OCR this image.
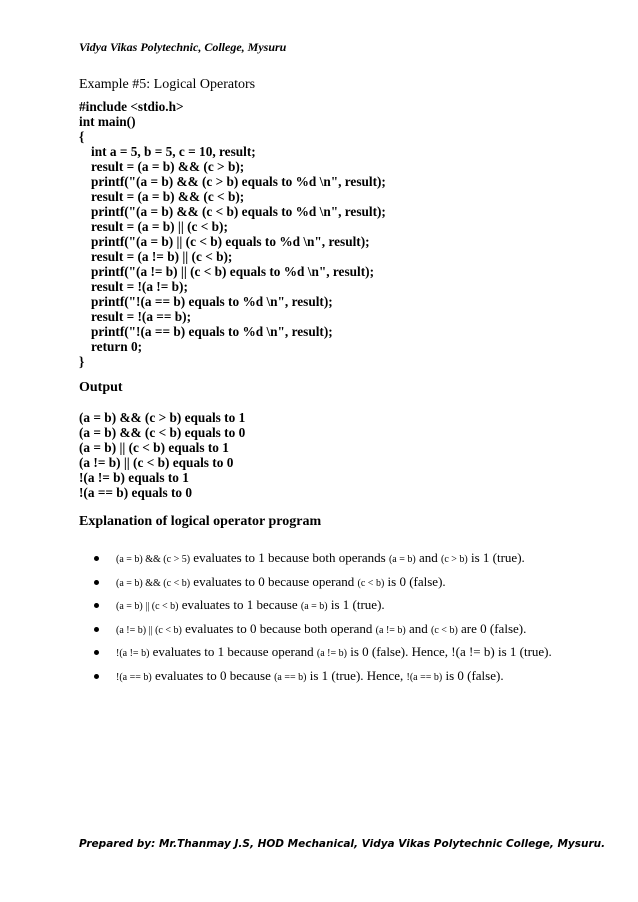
Vidya Vikas Polytechnic, College, Mysuru
Example #5: Logical Operators
#include <stdio.h>
int main()
{
int a = 5, b = 5, c = 10, result;
result = (a = b) && (c > b);
printf("(a = b) && (c > b) equals to %d \n", result);
result = (a = b) && (c < b);
printf("(a = b) && (c < b) equals to %d \n", result);
result = (a = b) || (c < b);
printf("(a = b) || (c < b) equals to %d \n", result);
result = (a != b) || (c < b);
printf("(a != b) || (c < b) equals to %d \n", result);
result = !(a != b);
printf("!(a == b) equals to %d \n", result);
result = !(a == b);
printf("!(a == b) equals to %d \n", result);
return 0;
}
Output
(a = b) && (c > b) equals to 1
(a = b) && (c < b) equals to 0
(a = b) || (c < b) equals to 1
(a != b) || (c < b) equals to 0
!(a != b) equals to 1
!(a == b) equals to 0
Explanation of logical operator program
(a = b) && (c > 5) evaluates to 1 because both operands (a = b) and (c > b) is 1 (true).
(a = b) && (c < b) evaluates to 0 because operand (c < b) is 0 (false).
(a = b) || (c < b) evaluates to 1 because (a = b) is 1 (true).
(a != b) || (c < b) evaluates to 0 because both operand (a != b) and (c < b) are 0 (false).
!(a != b) evaluates to 1 because operand (a != b) is 0 (false). Hence, !(a != b) is 1 (true).
!(a == b) evaluates to 0 because (a == b) is 1 (true). Hence, !(a == b) is 0 (false).
Prepared by: Mr.Thanmay J.S, HOD Mechanical, Vidya Vikas Polytechnic College, Mysuru.
